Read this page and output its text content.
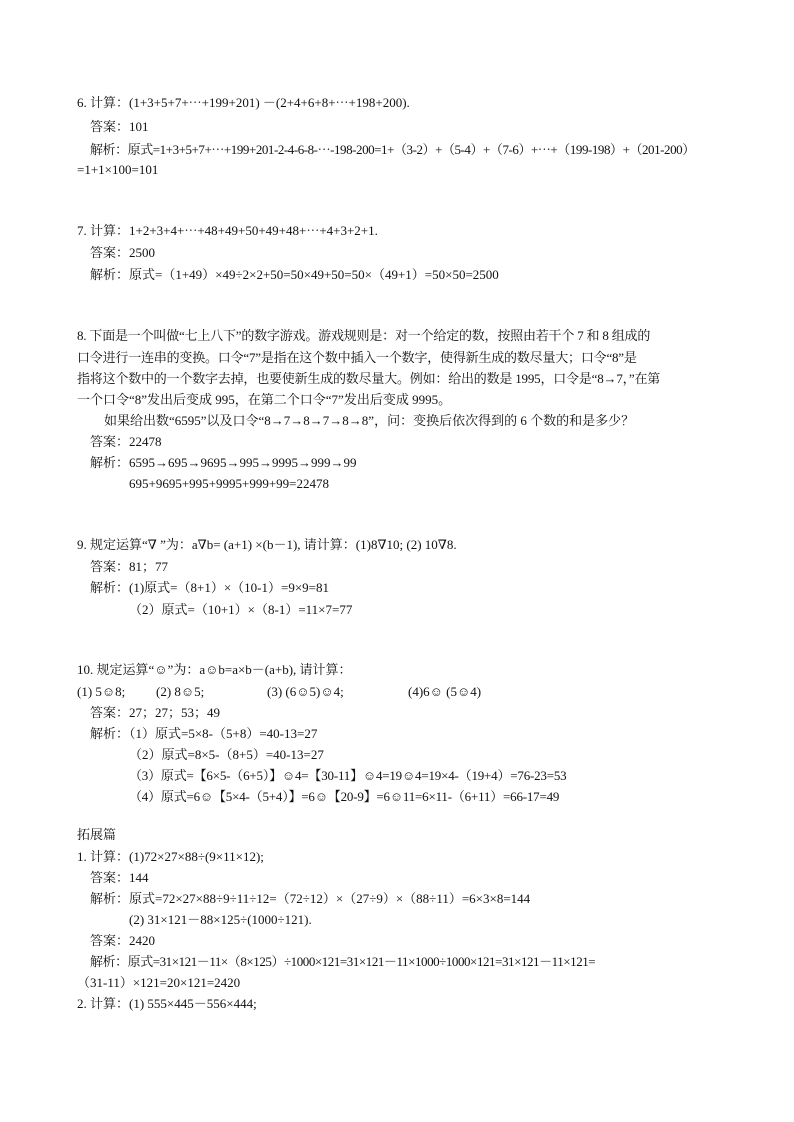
6. 计算：(1+3+5+7+⋯+199+201) －(2+4+6+8+⋯+198+200).
答案：101
解析：原式=1+3+5+7+⋯+199+201-2-4-6-8-⋯-198-200=1+（3-2）+（5-4）+（7-6）+⋯+（199-198）+（201-200）
=1+1×100=101
7. 计算：1+2+3+4+⋯+48+49+50+49+48+⋯+4+3+2+1.
答案：2500
解析：原式=（1+49）×49÷2×2+50=50×49+50=50×（49+1）=50×50=2500
8. 下面是一个叫做“七上八下”的数字游戏。游戏规则是：对一个给定的数，按照由若干个 7 和 8 组成的
口令进行一连串的变换。口令“7”是指在这个数中插入一个数字，使得新生成的数尽量大；口令“8”是
指将这个数中的一个数字去掉，也要使新生成的数尽量大。例如：给出的数是 1995，口令是“8→7，”在第
一个口令“8”发出后变成 995，在第二个口令“7”发出后变成 9995。
如果给出数“6595”以及口令“8→7→8→7→8→8”，问：变换后依次得到的 6 个数的和是多少？
答案：22478
解析：6595→695→9695→995→9995→999→99
695+9695+995+9995+999+99=22478
9. 规定运算“∇ ”为：a∇b= (a+1) ×(b－1), 请计算：(1)8∇10; (2) 10∇8.
答案：81；77
解析：(1)原式=（8+1）×（10-1）=9×9=81
（2）原式=（10+1）×（8-1）=11×7=77
10. 规定运算“☺”为：a☺b=a×b－(a+b), 请计算：
(1) 5☺8; (2) 8☺5;	(3) (6☺5)☺4;	(4)6☺ (5☺4)
答案：27；27；53；49
解析：（1）原式=5×8-（5+8）=40-13=27
（2）原式=8×5-（8+5）=40-13=27
（3）原式=【6×5-（6+5）】☺4=【30-11】☺4=19☺4=19×4-（19+4）=76-23=53
（4）原式=6☺【5×4-（5+4）】=6☺【20-9】=6☺11=6×11-（6+11）=66-17=49
拓展篇
1. 计算：(1)72×27×88÷(9×11×12);
答案：144
解析：原式=72×27×88÷9÷11÷12=（72÷12）×（27÷9）×（88÷11）=6×3×8=144
(2) 31×121－88×125÷(1000÷121).
答案：2420
解析：原式=31×121－11×（8×125）÷1000×121=31×121－11×1000÷1000×121=31×121－11×121=
（31-11）×121=20×121=2420
2. 计算：(1) 555×445－556×444;
